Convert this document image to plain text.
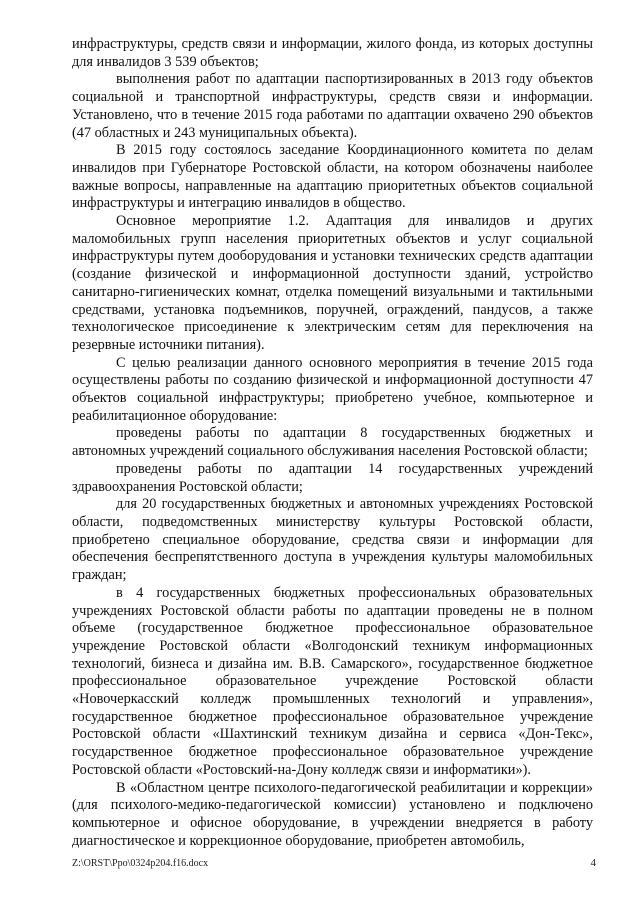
инфраструктуры, средств связи и информации, жилого фонда, из которых доступны для инвалидов 3 539 объектов;

выполнения работ по адаптации паспортизированных в 2013 году объектов социальной и транспортной инфраструктуры, средств связи и информации. Установлено, что в течение 2015 года работами по адаптации охвачено 290 объектов (47 областных и 243 муниципальных объекта).

В 2015 году состоялось заседание Координационного комитета по делам инвалидов при Губернаторе Ростовской области, на котором обозначены наиболее важные вопросы, направленные на адаптацию приоритетных объектов социальной инфраструктуры и интеграцию инвалидов в общество.

Основное мероприятие 1.2. Адаптация для инвалидов и других маломобильных групп населения приоритетных объектов и услуг социальной инфраструктуры путем дооборудования и установки технических средств адаптации (создание физической и информационной доступности зданий, устройство санитарно-гигиенических комнат, отделка помещений визуальными и тактильными средствами, установка подъемников, поручней, ограждений, пандусов, а также технологическое присоединение к электрическим сетям для переключения на резервные источники питания).

С целью реализации данного основного мероприятия в течение 2015 года осуществлены работы по созданию физической и информационной доступности 47 объектов социальной инфраструктуры; приобретено учебное, компьютерное и реабилитационное оборудование:

проведены работы по адаптации 8 государственных бюджетных и автономных учреждений социального обслуживания населения Ростовской области;

проведены работы по адаптации 14 государственных учреждений здравоохранения Ростовской области;

для 20 государственных бюджетных и автономных учреждениях Ростовской области, подведомственных министерству культуры Ростовской области, приобретено специальное оборудование, средства связи и информации для обеспечения беспрепятственного доступа в учреждения культуры маломобильных граждан;

в 4 государственных бюджетных профессиональных образовательных учреждениях Ростовской области работы по адаптации проведены не в полном объеме (государственное бюджетное профессиональное образовательное учреждение Ростовской области «Волгодонский техникум информационных технологий, бизнеса и дизайна им. В.В. Самарского», государственное бюджетное профессиональное образовательное учреждение Ростовской области «Новочеркасский колледж промышленных технологий и управления», государственное бюджетное профессиональное образовательное учреждение Ростовской области «Шахтинский техникум дизайна и сервиса «Дон-Текс», государственное бюджетное профессиональное образовательное учреждение Ростовской области «Ростовский-на-Дону колледж связи и информатики»).

В «Областном центре психолого-педагогической реабилитации и коррекции» (для психолого-медико-педагогической комиссии) установлено и подключено компьютерное и офисное оборудование, в учреждении внедряется в работу диагностическое и коррекционное оборудование, приобретен автомобиль,

Z:\ORST\Ppo\0324p204.f16.docx	4
